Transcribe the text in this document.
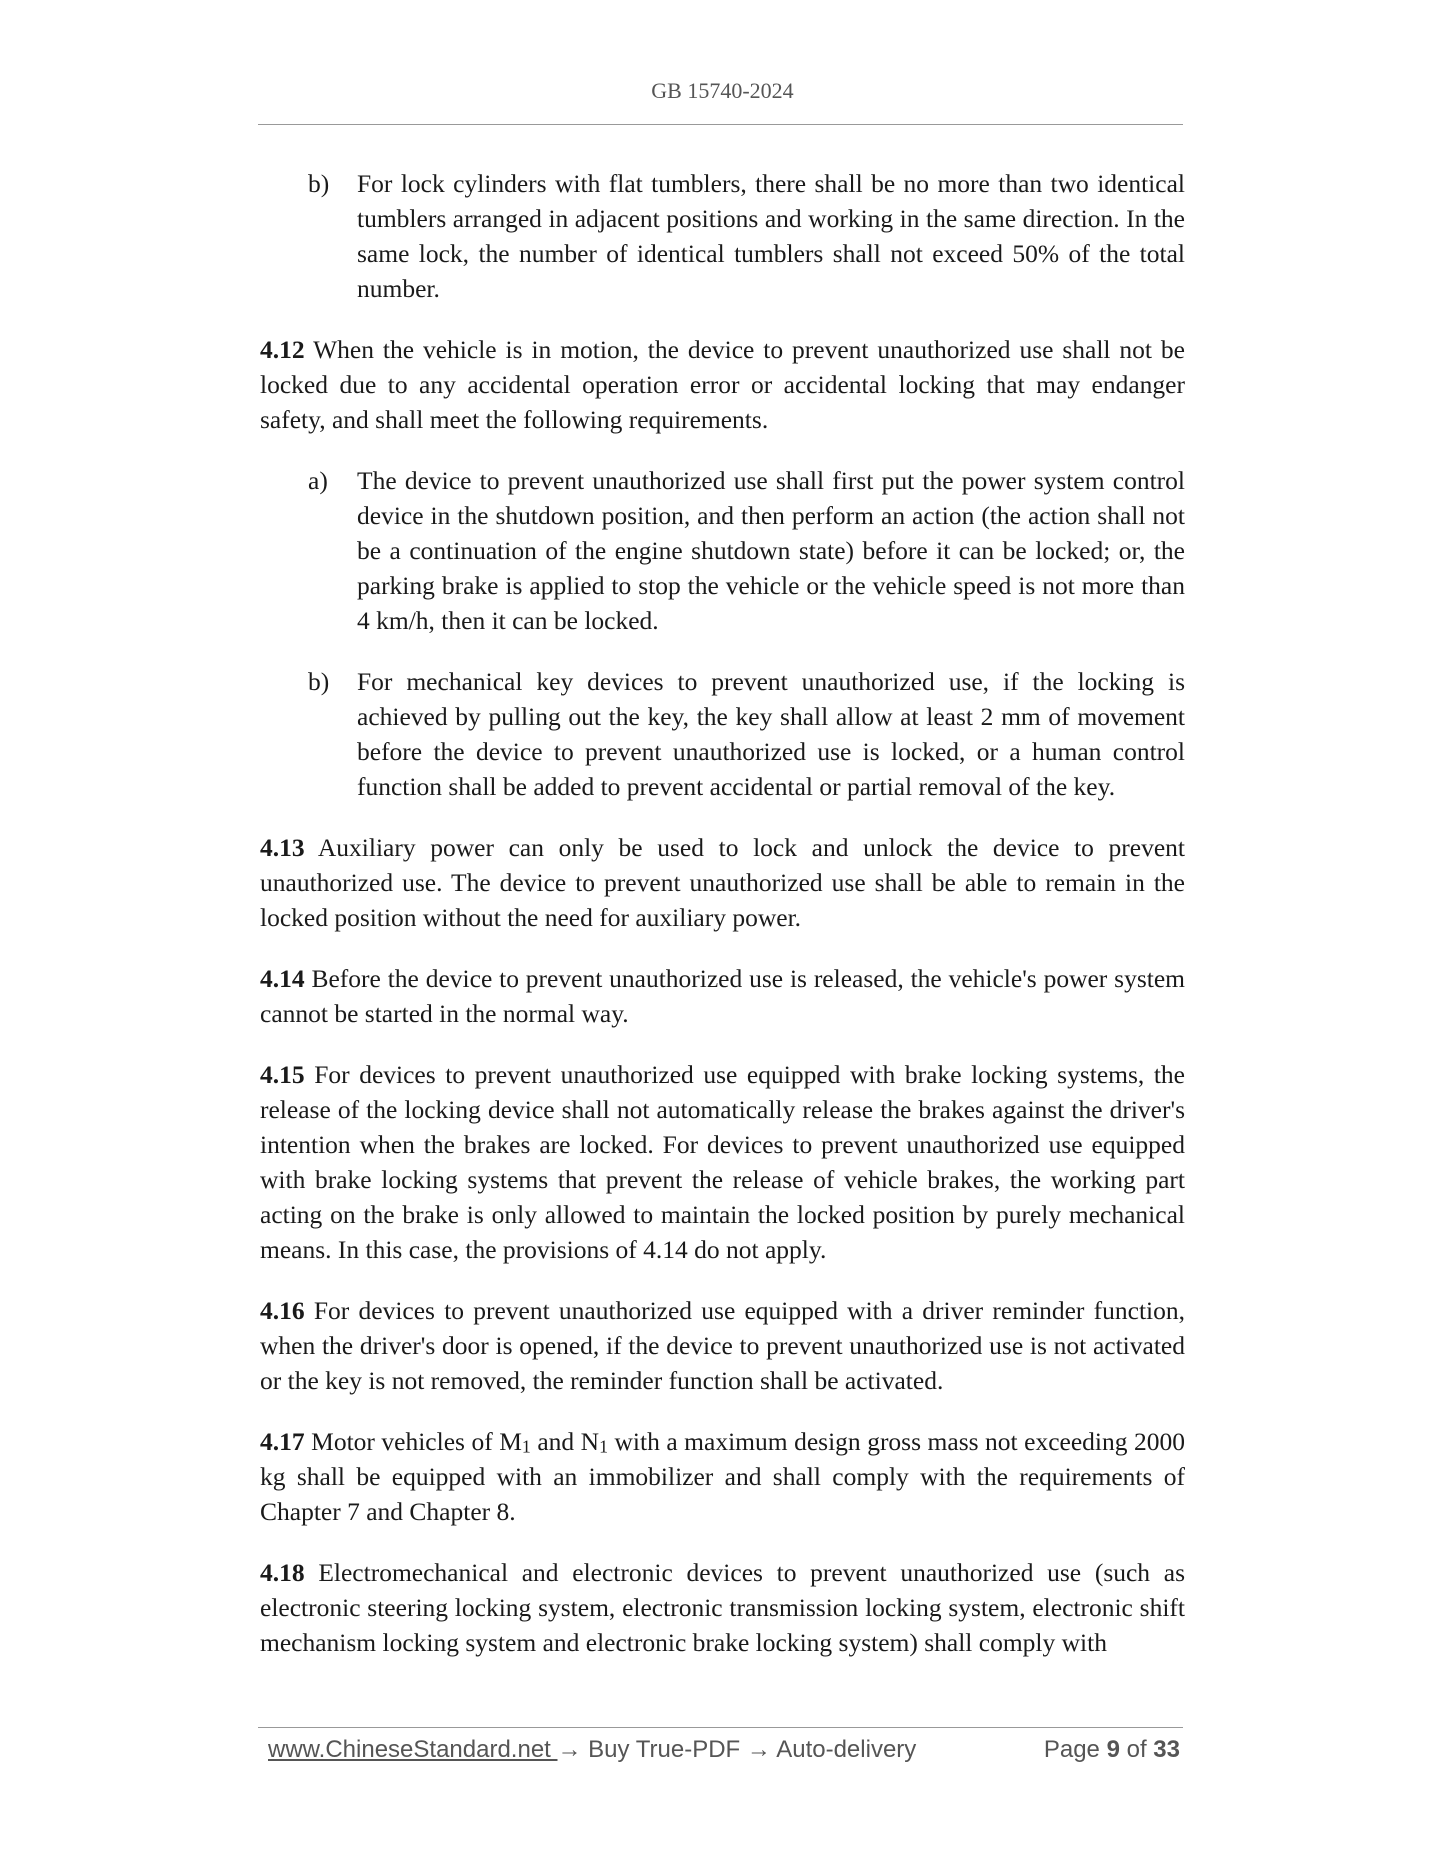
GB 15740-2024
b)	For lock cylinders with flat tumblers, there shall be no more than two identical tumblers arranged in adjacent positions and working in the same direction. In the same lock, the number of identical tumblers shall not exceed 50% of the total number.

4.12 When the vehicle is in motion, the device to prevent unauthorized use shall not be locked due to any accidental operation error or accidental locking that may endanger safety, and shall meet the following requirements.

a)	The device to prevent unauthorized use shall first put the power system control device in the shutdown position, and then perform an action (the action shall not be a continuation of the engine shutdown state) before it can be locked; or, the parking brake is applied to stop the vehicle or the vehicle speed is not more than 4 km/h, then it can be locked.
b)	For mechanical key devices to prevent unauthorized use, if the locking is achieved by pulling out the key, the key shall allow at least 2 mm of movement before the device to prevent unauthorized use is locked, or a human control function shall be added to prevent accidental or partial removal of the key.

4.13 Auxiliary power can only be used to lock and unlock the device to prevent unauthorized use. The device to prevent unauthorized use shall be able to remain in the locked position without the need for auxiliary power.

4.14 Before the device to prevent unauthorized use is released, the vehicle's power system cannot be started in the normal way.

4.15 For devices to prevent unauthorized use equipped with brake locking systems, the release of the locking device shall not automatically release the brakes against the driver's intention when the brakes are locked. For devices to prevent unauthorized use equipped with brake locking systems that prevent the release of vehicle brakes, the working part acting on the brake is only allowed to maintain the locked position by purely mechanical means. In this case, the provisions of 4.14 do not apply.

4.16 For devices to prevent unauthorized use equipped with a driver reminder function, when the driver's door is opened, if the device to prevent unauthorized use is not activated or the key is not removed, the reminder function shall be activated.

4.17 Motor vehicles of $M_1$ and $N_1$ with a maximum design gross mass not exceeding 2000 kg shall be equipped with an immobilizer and shall comply with the requirements of Chapter 7 and Chapter 8.

4.18 Electromechanical and electronic devices to prevent unauthorized use (such as electronic steering locking system, electronic transmission locking system, electronic shift mechanism locking system and electronic brake locking system) shall comply with

www.ChineseStandard.net → Buy True-PDF → Auto-delivery	Page 9 of 33
